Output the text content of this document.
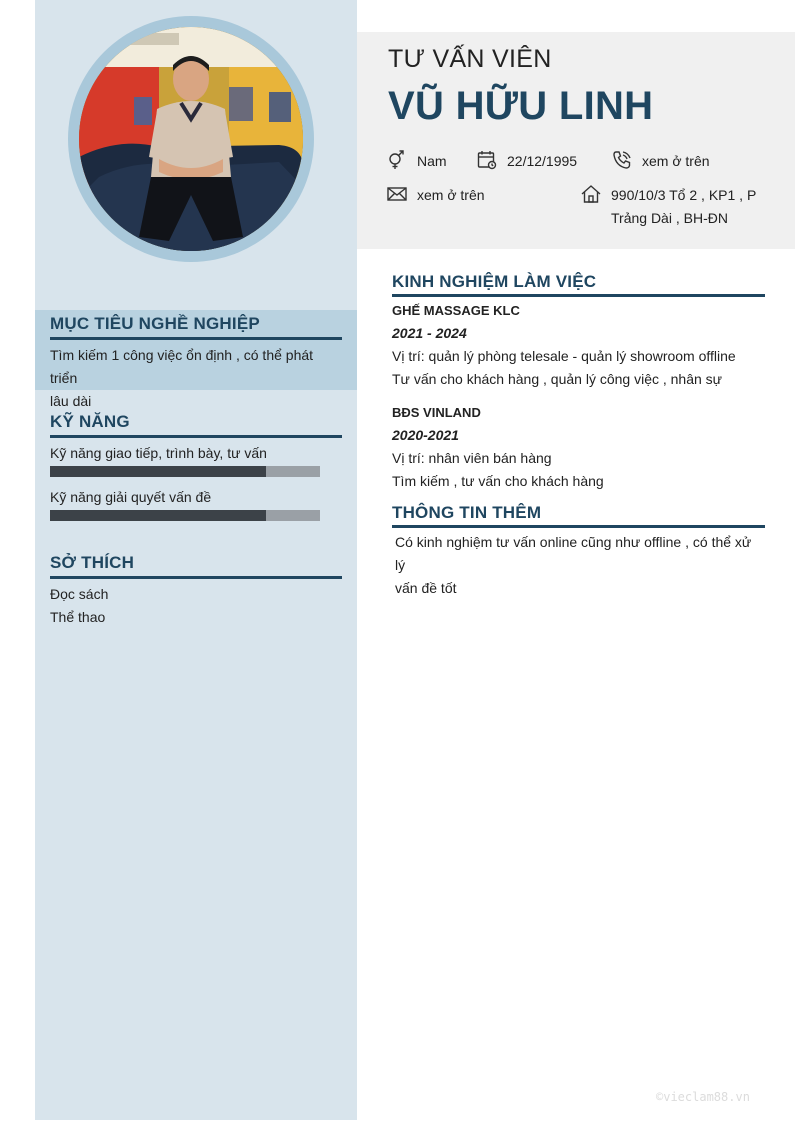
MỤC TIÊU NGHỀ NGHIỆP
Tìm kiếm 1 công việc ổn định , có thể phát triển
lâu dài
KỸ NĂNG
Kỹ năng giao tiếp, trình bày, tư vấn
Kỹ năng giải quyết vấn đề
SỞ THÍCH
Đọc sách
Thể thao
TƯ VẤN VIÊN
VŨ HỮU LINH
Nam	22/12/1995	xem ở trên
xem ở trên	990/10/3 Tổ 2 , KP1 , P
Trảng Dài , BH-ĐN
KINH NGHIỆM LÀM VIỆC
GHẾ MASSAGE KLC
2021 - 2024
Vị trí: quản lý phòng telesale - quản lý showroom offline
Tư vấn cho khách hàng , quản lý công việc , nhân sự
BĐS VINLAND
2020-2021
Vị trí: nhân viên bán hàng
Tìm kiếm , tư vấn cho khách hàng
THÔNG TIN THÊM
Có kinh nghiệm tư vấn online cũng như offline , có thể xử lý
vấn đề tốt
©vieclam88.vn
